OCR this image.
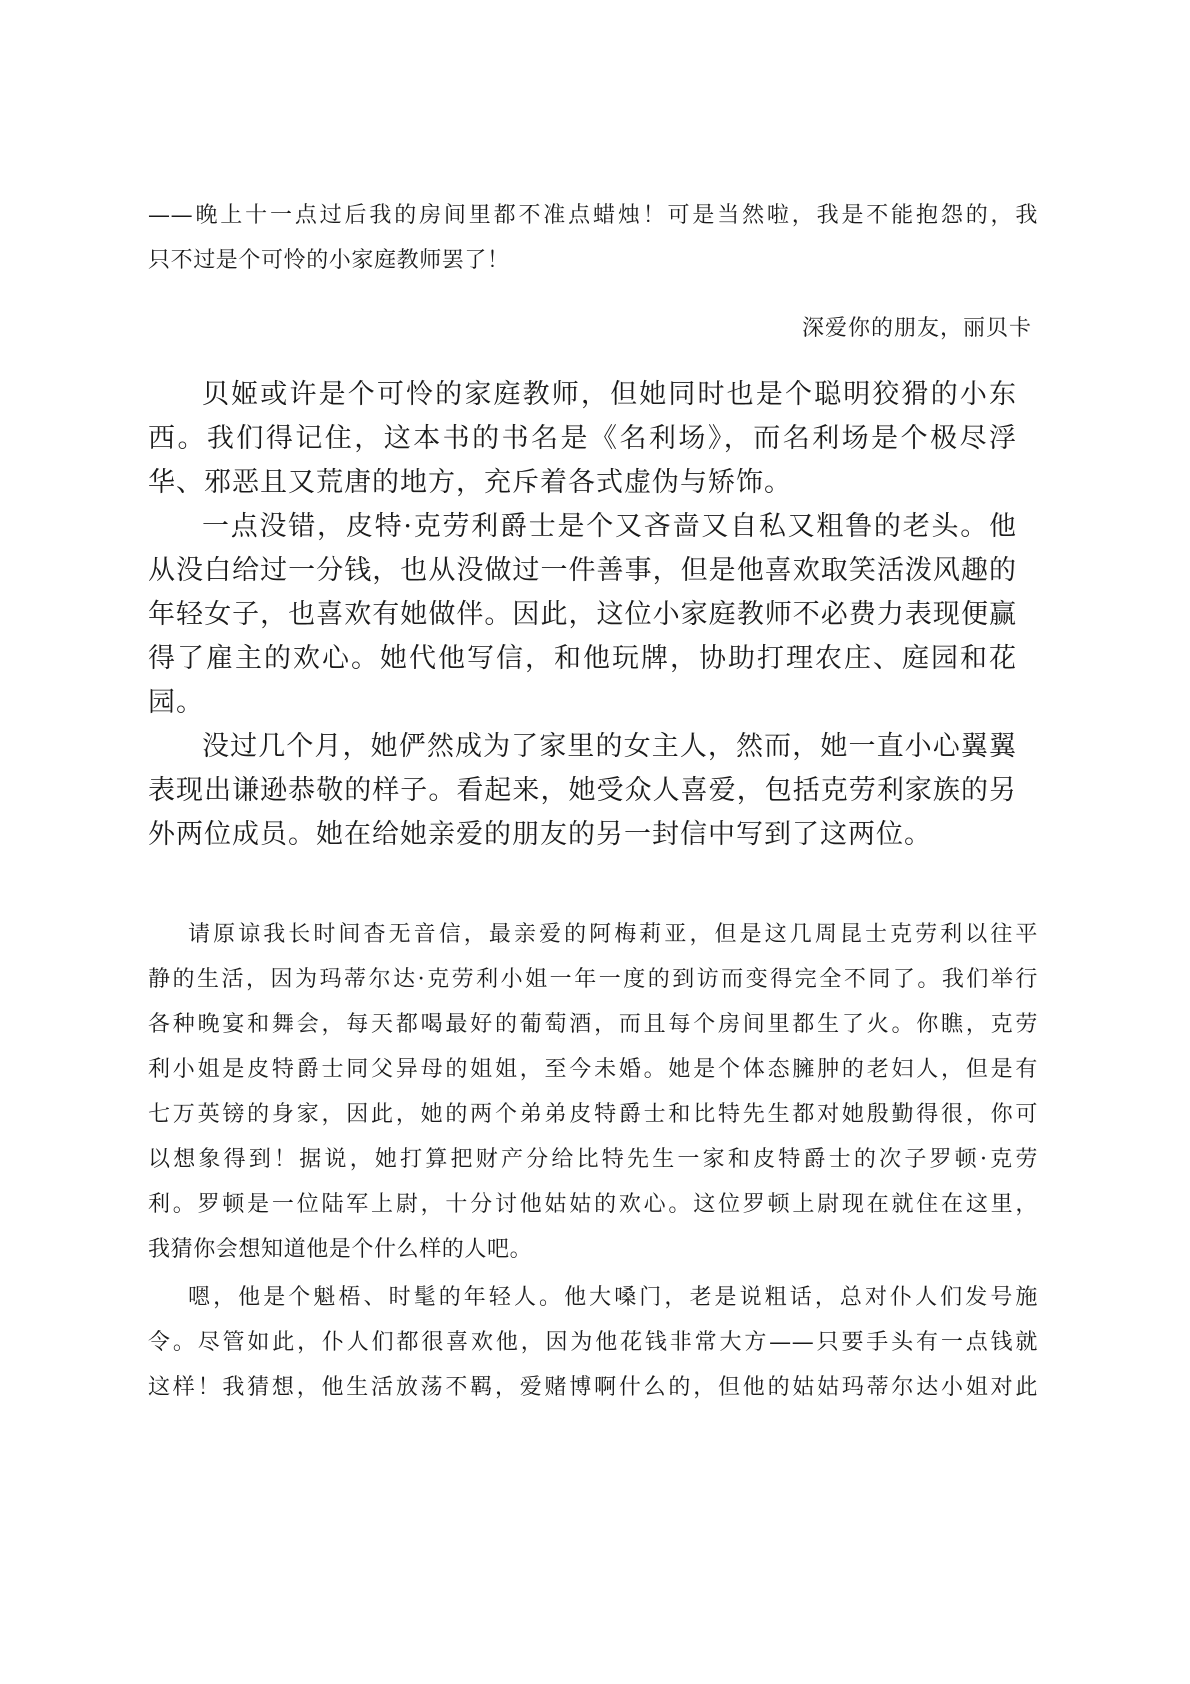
——晚上十一点过后我的房间里都不准点蜡烛！可是当然啦，我是不能抱怨的，我
只不过是个可怜的小家庭教师罢了！
深爱你的朋友，丽贝卡
贝姬或许是个可怜的家庭教师，但她同时也是个聪明狡猾的小东
西。我们得记住，这本书的书名是《名利场》，而名利场是个极尽浮
华、邪恶且又荒唐的地方，充斥着各式虚伪与矫饰。
一点没错，皮特·克劳利爵士是个又吝啬又自私又粗鲁的老头。他
从没白给过一分钱，也从没做过一件善事，但是他喜欢取笑活泼风趣的
年轻女子，也喜欢有她做伴。因此，这位小家庭教师不必费力表现便赢
得了雇主的欢心。她代他写信，和他玩牌，协助打理农庄、庭园和花
园。
没过几个月，她俨然成为了家里的女主人，然而，她一直小心翼翼
表现出谦逊恭敬的样子。看起来，她受众人喜爱，包括克劳利家族的另
外两位成员。她在给她亲爱的朋友的另一封信中写到了这两位。
请原谅我长时间杳无音信，最亲爱的阿梅莉亚，但是这几周昆士克劳利以往平
静的生活，因为玛蒂尔达·克劳利小姐一年一度的到访而变得完全不同了。我们举行
各种晚宴和舞会，每天都喝最好的葡萄酒，而且每个房间里都生了火。你瞧，克劳
利小姐是皮特爵士同父异母的姐姐，至今未婚。她是个体态臃肿的老妇人，但是有
七万英镑的身家，因此，她的两个弟弟皮特爵士和比特先生都对她殷勤得很，你可
以想象得到！据说，她打算把财产分给比特先生一家和皮特爵士的次子罗顿·克劳
利。罗顿是一位陆军上尉，十分讨他姑姑的欢心。这位罗顿上尉现在就住在这里，
我猜你会想知道他是个什么样的人吧。
嗯，他是个魁梧、时髦的年轻人。他大嗓门，老是说粗话，总对仆人们发号施
令。尽管如此，仆人们都很喜欢他，因为他花钱非常大方——只要手头有一点钱就
这样！我猜想，他生活放荡不羁，爱赌博啊什么的，但他的姑姑玛蒂尔达小姐对此
